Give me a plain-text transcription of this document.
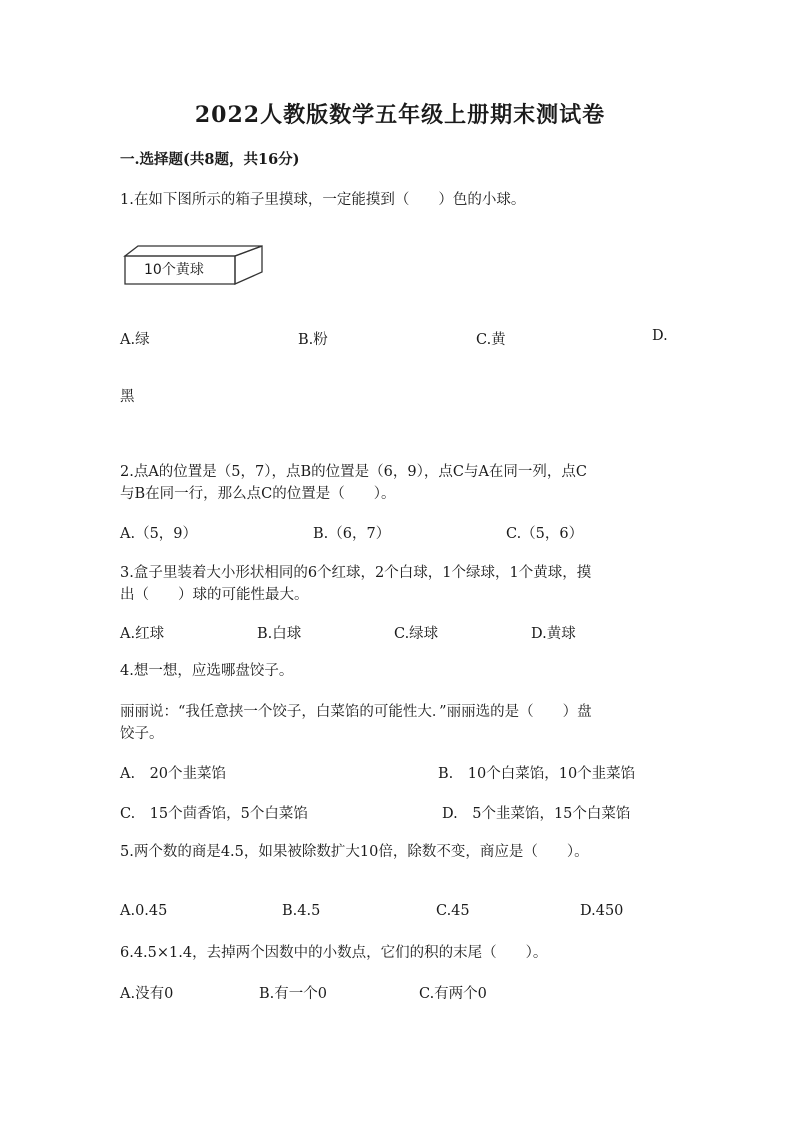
2022人教版数学五年级上册期末测试卷
一.选择题(共8题，共16分)
1.在如下图所示的箱子里摸球，一定能摸到（　　）色的小球。
10个黄球
A.绿	B.粉	C.黄	D.
黑
2.点A的位置是（5，7），点B的位置是（6，9），点C与A在同一列，点C
与B在同一行，那么点C的位置是（　　）。
A.（5，9）	B.（6，7）	C.（5，6）
3.盒子里装着大小形状相同的6个红球，2个白球，1个绿球，1个黄球，摸
出（　　）球的可能性最大。
A.红球	B.白球	C.绿球	D.黄球
4.想一想，应选哪盘饺子。
丽丽说：“我任意挟一个饺子，白菜馅的可能性大．”丽丽选的是（　　）盘
饺子。
A.　20个韭菜馅	B.　10个白菜馅，10个韭菜馅
C.　15个茴香馅，5个白菜馅	D.　5个韭菜馅，15个白菜馅
5.两个数的商是4.5，如果被除数扩大10倍，除数不变，商应是（　　）。
A.0.45	B.4.5	C.45	D.450
6.4.5×1.4，去掉两个因数中的小数点，它们的积的末尾（　　）。
A.没有0	B.有一个0	C.有两个0
